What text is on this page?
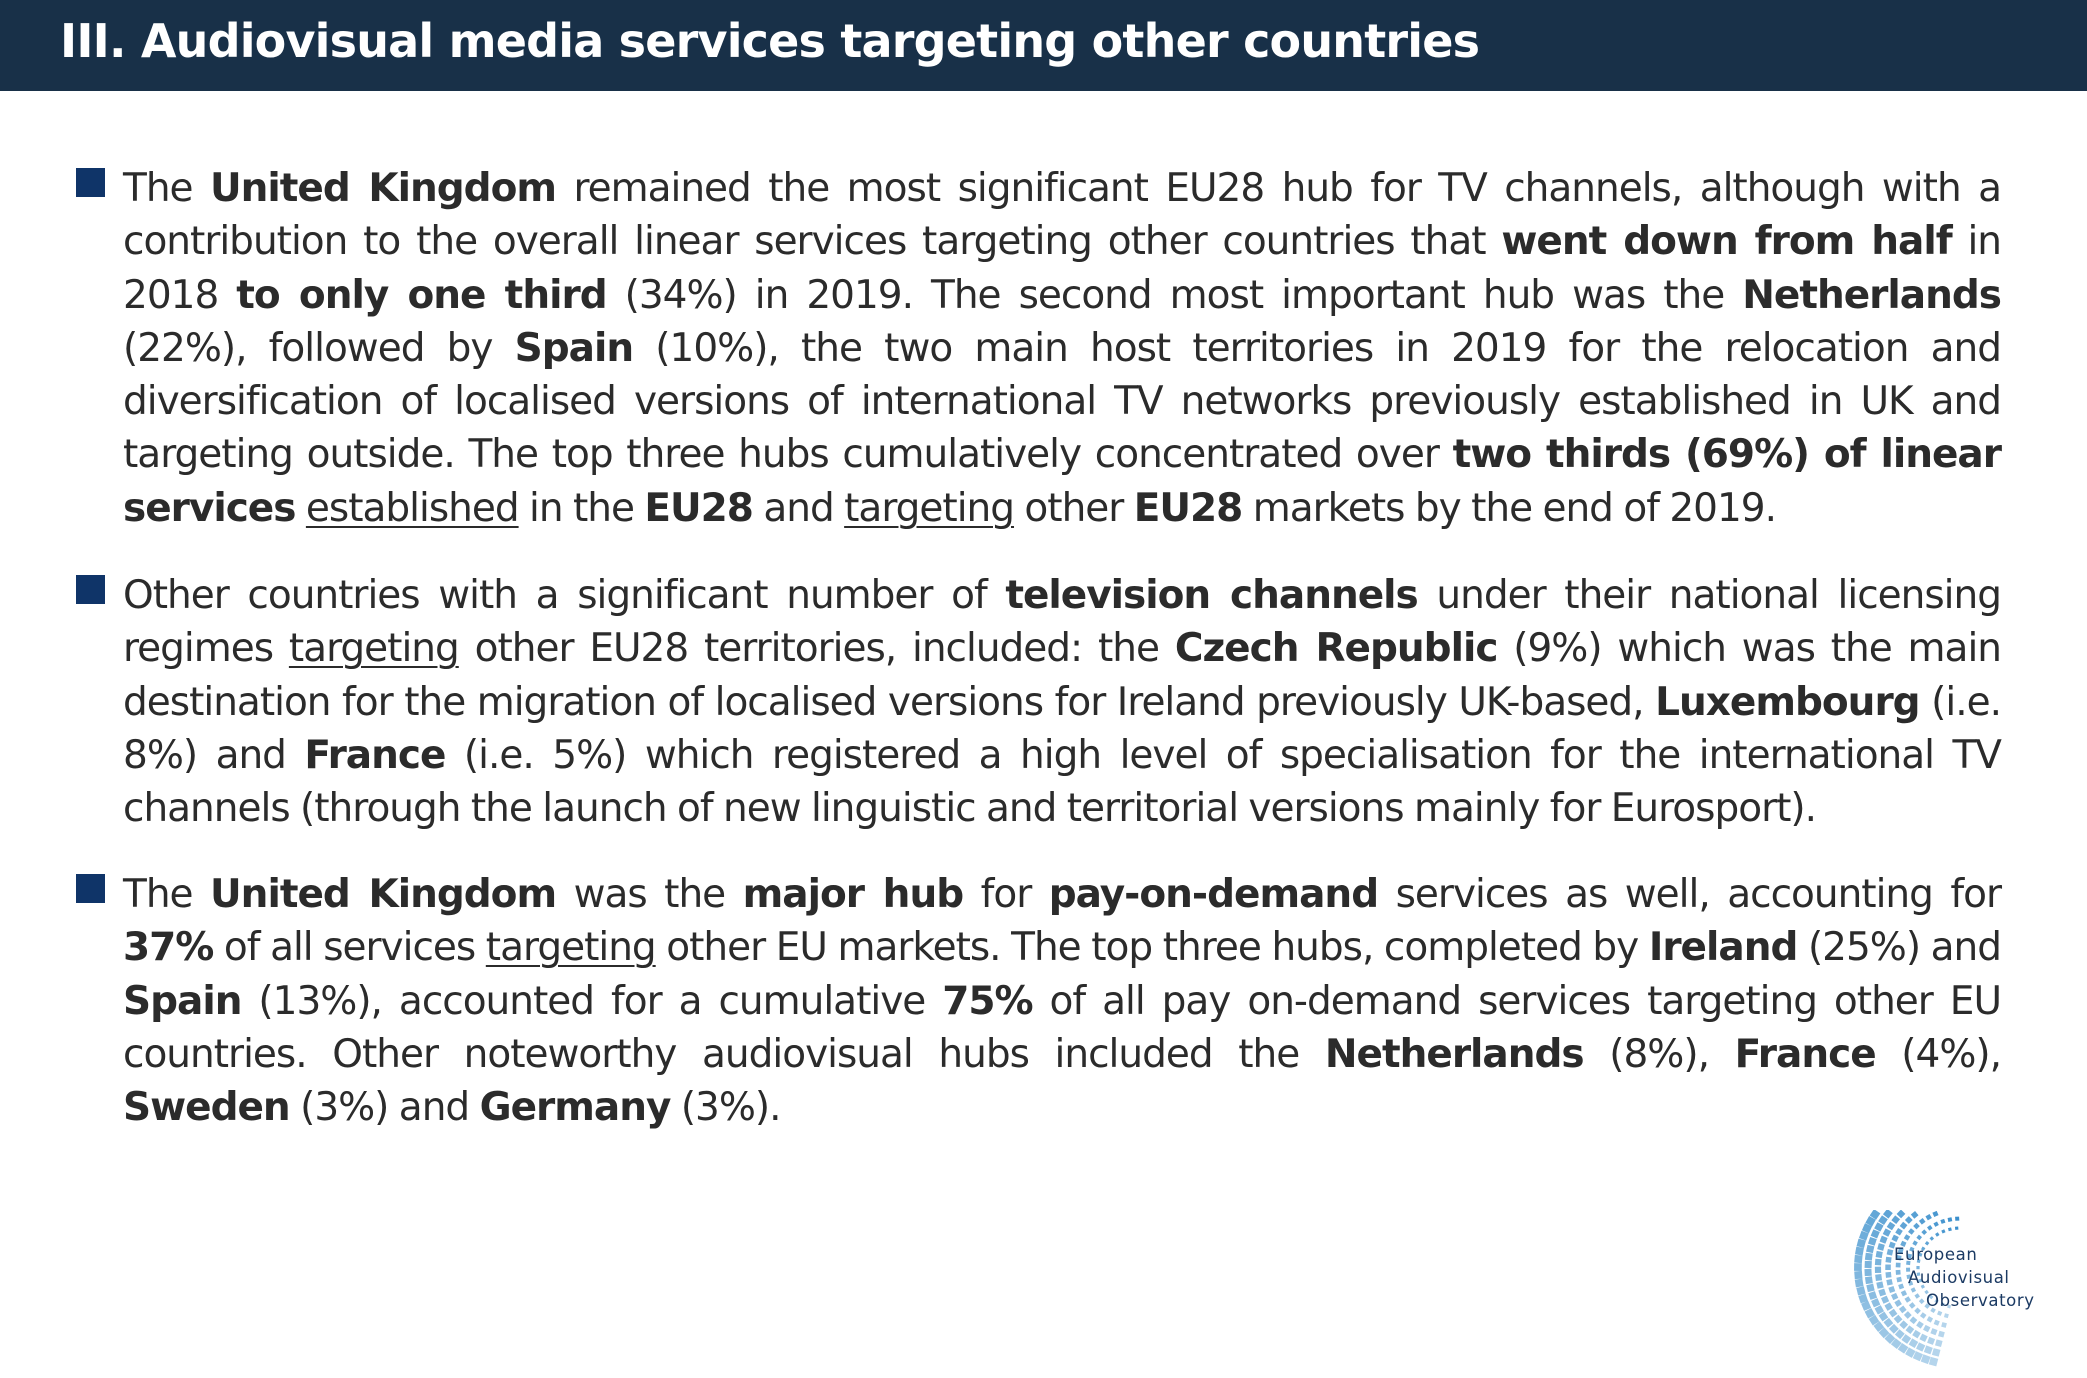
III. Audiovisual media services targeting other countries
The United Kingdom remained the most significant EU28 hub for TV channels, although with a contribution to the overall linear services targeting other countries that went down from half in 2018 to only one third (34%) in 2019. The second most important hub was the Netherlands (22%), followed by Spain (10%), the two main host territories in 2019 for the relocation and diversification of localised versions of international TV networks previously established in UK and targeting outside. The top three hubs cumulatively concentrated over two thirds (69%) of linear services established in the EU28 and targeting other EU28 markets by the end of 2019.
Other countries with a significant number of television channels under their national licensing regimes targeting other EU28 territories, included: the Czech Republic (9%) which was the main destination for the migration of localised versions for Ireland previously UK-based, Luxembourg (i.e. 8%) and France (i.e. 5%) which registered a high level of specialisation for the international TV channels (through the launch of new linguistic and territorial versions mainly for Eurosport).
The United Kingdom was the major hub for pay-on-demand services as well, accounting for 37% of all services targeting other EU markets. The top three hubs, completed by Ireland (25%) and Spain (13%), accounted for a cumulative 75% of all pay on-demand services targeting other EU countries. Other noteworthy audiovisual hubs included the Netherlands (8%), France (4%), Sweden (3%) and Germany (3%).
European
Audiovisual
Observatory
